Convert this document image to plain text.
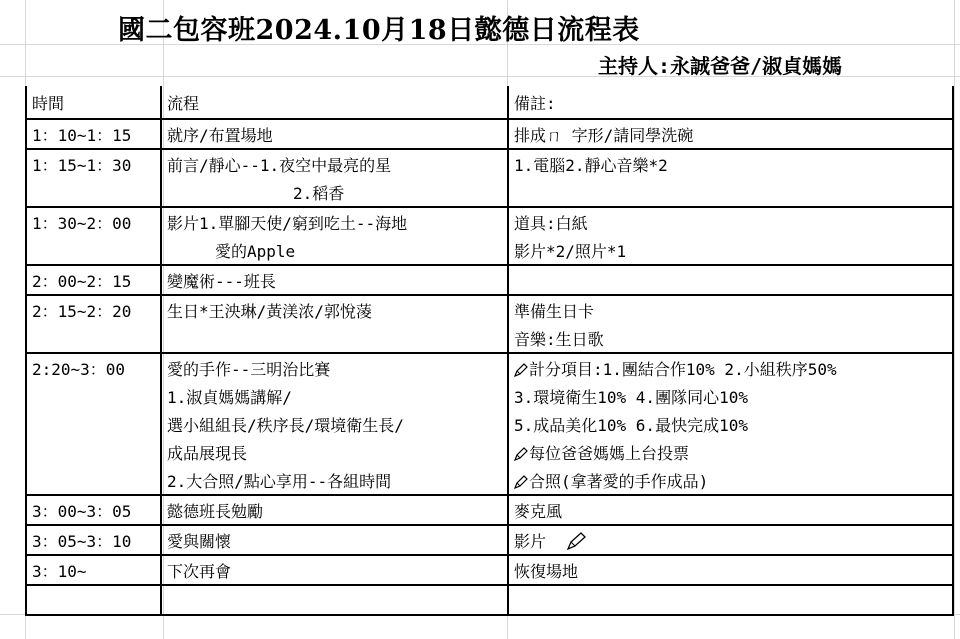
國二包容班2024.10月18日懿德日流程表
主持人:永誠爸爸/淑貞媽媽
時間	流程	備註:
1：10~1：15	就序/布置場地	排成ㄇ 字形/請同學洗碗
1：15~1：30	前言/靜心--1.夜空中最亮的星	1.電腦2.靜心音樂*2
	2.稻香	
1：30~2：00	影片1.單腳天使/窮到吃土--海地	道具:白紙
	愛的Apple	影片*2/照片*1
2：00~2：15	變魔術---班長	
2：15~2：20	生日*王泱琳/黃渼浓/郭悅蓤	準備生日卡
		音樂:生日歌
2:20~3：00	愛的手作--三明治比賽	計分項目:1.團結合作10% 2.小組秩序50%
	1.淑貞媽媽講解/	3.環境衛生10% 4.團隊同心10%
	選小組組長/秩序長/環境衛生長/	5.成品美化10% 6.最快完成10%
	成品展現長	每位爸爸媽媽上台投票
	2.大合照/點心享用--各組時間	合照(拿著愛的手作成品)
3：00~3：05	懿德班長勉勵	麥克風
3：05~3：10	愛與關懷	影片
3：10~	下次再會	恢復場地
